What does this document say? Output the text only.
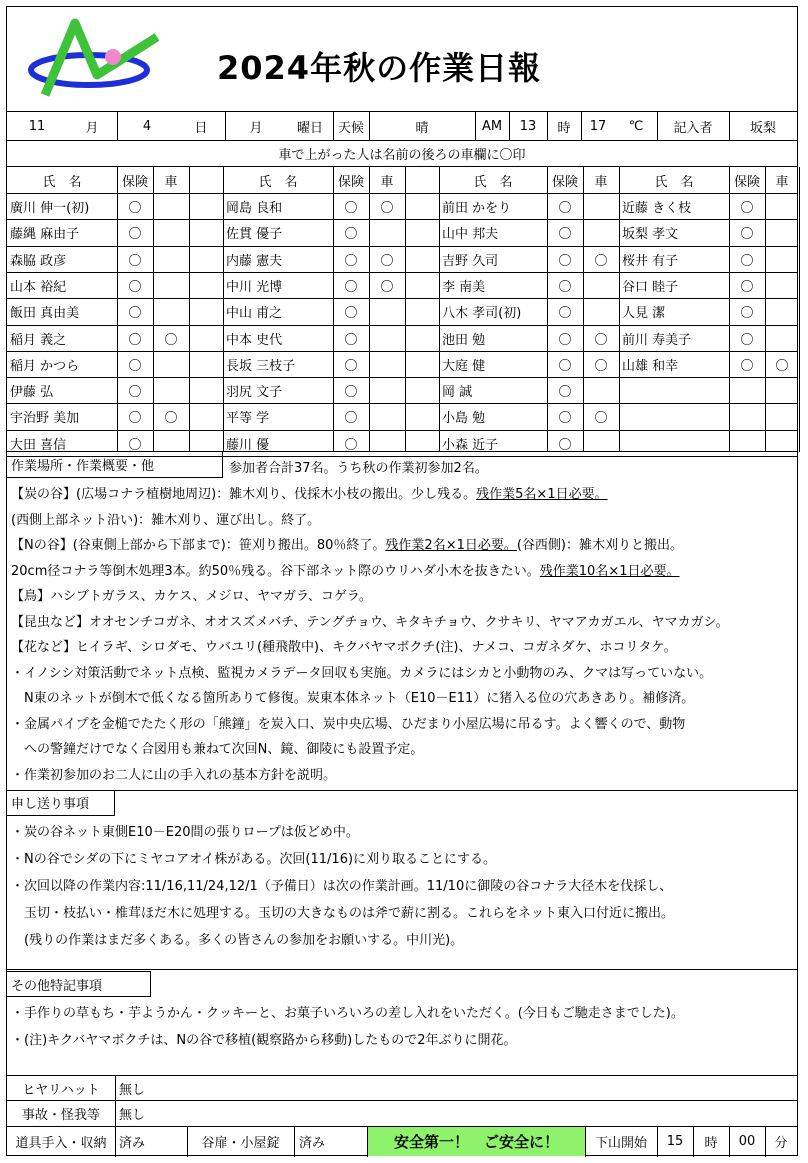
2024年秋の作業日報
11	月	4	日	月	曜日	天候	晴	AM	13	時	17	℃	記入者	坂梨
車で上がった人は名前の後ろの車欄に〇印
氏　名	保険	車
廣川 伸一(初)	〇
藤縄 麻由子	〇
森脇 政彦	〇
山本 裕紀	〇
飯田 真由美	〇
稲月 義之	〇	〇
稲月 かつら	〇
伊藤 弘	〇
宇治野 美加	〇	〇
大田 喜信	〇
氏　名	保険	車
岡島 良和	〇	〇
佐貫 優子	〇
内藤 憲夫	〇	〇
中川 光博	〇	〇
中山 甫之	〇
中本 史代	〇
長坂 三枝子	〇
羽尻 文子	〇
平等 学	〇
藤川 優	〇
氏　名	保険	車
前田 かをり	〇
山中 邦夫	〇
吉野 久司	〇	〇
李 南美	〇
八木 孝司(初)	〇
池田 勉	〇	〇
大庭 健	〇	〇
岡 誠	〇
小島 勉	〇	〇
小森 近子	〇
氏　名	保険	車
近藤 きく枝	〇
坂梨 孝文	〇
桜井 有子	〇
谷口 睦子	〇
人見 潔	〇
前川 寿美子	〇
山雄 和幸	〇	〇
作業場所・作業概要・他	参加者合計37名。うち秋の作業初参加2名。
【炭の谷】(広場コナラ植樹地周辺)：雑木刈り、伐採木小枝の搬出。少し残る。残作業5名×1日必要。
(西側上部ネット沿い)：雑木刈り、運び出し。終了。
【Nの谷】(谷東側上部から下部まで)：笹刈り搬出。80％終了。残作業2名×1日必要。(谷西側)：雑木刈りと搬出。
20cm径コナラ等倒木処理3本。約50％残る。谷下部ネット際のウリハダ小木を抜きたい。残作業10名×1日必要。
【鳥】ハシブトガラス、カケス、メジロ、ヤマガラ、コゲラ。
【昆虫など】オオセンチコガネ、オオスズメバチ、テングチョウ、キタキチョウ、クサキリ、ヤマアカガエル、ヤマカガシ。
【花など】ヒイラギ、シロダモ、ウバユリ(種飛散中)、キクバヤマボクチ(注)、ナメコ、コガネダケ、ホコリタケ。
・イノシシ対策活動でネット点検、監視カメラデータ回収も実施。カメラにはシカと小動物のみ、クマは写っていない。
　N東のネットが倒木で低くなる箇所ありて修復。炭東本体ネット（E10－E11）に猪入る位の穴あきあり。補修済。
・金属パイプを金槌でたたく形の「熊鐘」を炭入口、炭中央広場、ひだまり小屋広場に吊るす。よく響くので、動物
　への警鐘だけでなく合図用も兼ねて次回N、鏡、御陵にも設置予定。
・作業初参加のお二人に山の手入れの基本方針を説明。
申し送り事項
・炭の谷ネット東側E10－E20間の張りロープは仮どめ中。
・Nの谷でシダの下にミヤコアオイ株がある。次回(11/16)に刈り取ることにする。
・次回以降の作業内容:11/16,11/24,12/1（予備日）は次の作業計画。11/10に御陵の谷コナラ大径木を伐採し、
　玉切・枝払い・椎茸ほだ木に処理する。玉切の大きなものは斧で薪に割る。これらをネット東入口付近に搬出。
　(残りの作業はまだ多くある。多くの皆さんの参加をお願いする。中川光)。
その他特記事項
・手作りの草もち・芋ようかん・クッキーと、お菓子いろいろの差し入れをいただく。(今日もご馳走さまでした)。
・(注)キクバヤマボクチは、Nの谷で移植(観察路から移動)したもので2年ぶりに開花。
ヒヤリハット	無し
事故・怪我等	無し
道具手入・収納 済み	谷扉・小屋錠	済み	安全第一！　ご安全に！	下山開始	15	時	00	分
